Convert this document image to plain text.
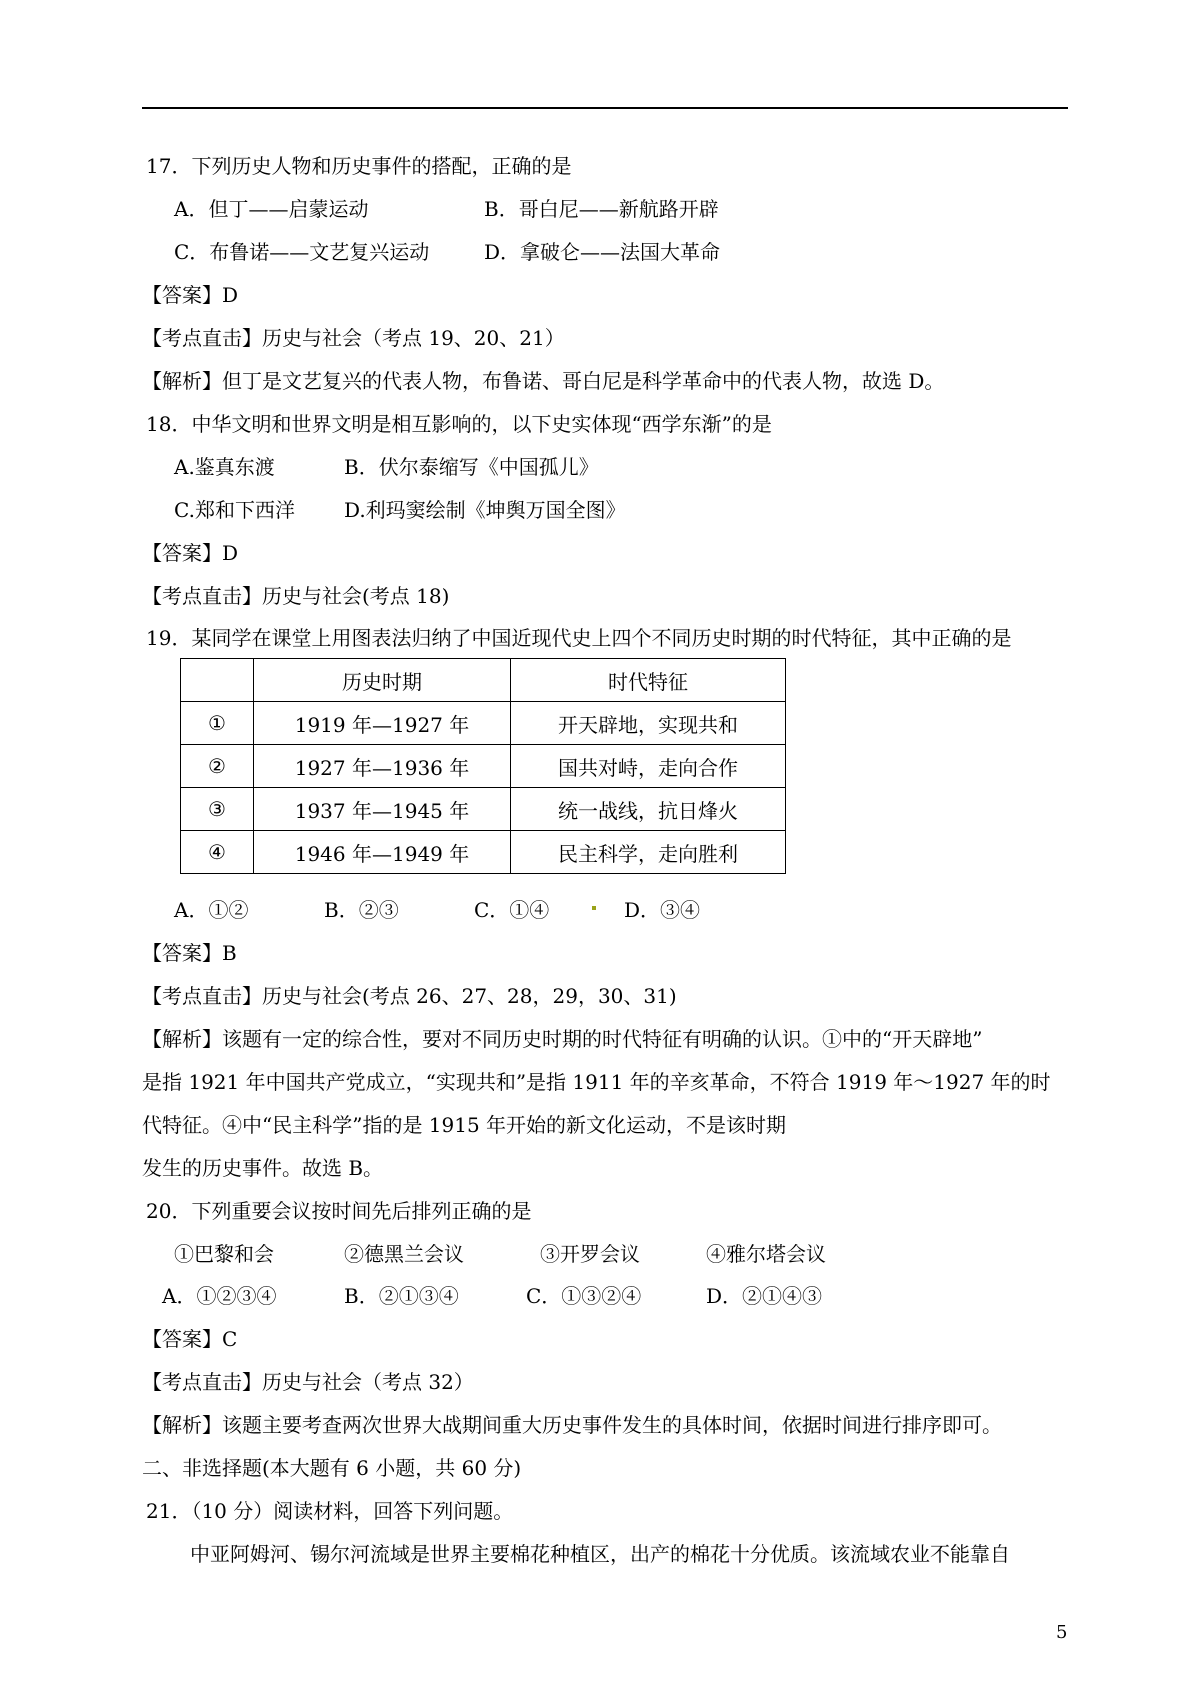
17．下列历史人物和历史事件的搭配，正确的是
A．但丁——启蒙运动	B．哥白尼——新航路开辟
C．布鲁诺——文艺复兴运动	D．拿破仑——法国大革命
【答案】D
【考点直击】历史与社会（考点 19、20、21）
【解析】但丁是文艺复兴的代表人物，布鲁诺、哥白尼是科学革命中的代表人物，故选 D。
18．中华文明和世界文明是相互影响的，以下史实体现“西学东渐”的是
A.鉴真东渡	B．伏尔泰缩写《中国孤儿》
C.郑和下西洋 D.利玛窦绘制《坤舆万国全图》
【答案】D
【考点直击】历史与社会(考点 18)
19．某同学在课堂上用图表法归纳了中国近现代史上四个不同历史时期的时代特征，其中正确的是
	历史时期	时代特征
①	1919 年—1927 年	开天辟地，实现共和
②	1927 年—1936 年	国共对峙，走向合作
③	1937 年—1945 年	统一战线，抗日烽火
④	1946 年—1949 年	民主科学，走向胜利
A．①②	B．②③	C．①④	D．③④
【答案】B
【考点直击】历史与社会(考点 26、27、28，29，30、31)
【解析】该题有一定的综合性，要对不同历史时期的时代特征有明确的认识。①中的“开天辟地”
是指 1921 年中国共产党成立，“实现共和”是指 1911 年的辛亥革命，不符合 1919 年～1927 年的时
代特征。④中“民主科学”指的是 1915 年开始的新文化运动，不是该时期
发生的历史事件。故选 B。
20．下列重要会议按时间先后排列正确的是
①巴黎和会	②德黑兰会议	③开罗会议	④雅尔塔会议
A．①②③④	B．②①③④	C．①③②④	D．②①④③
【答案】C
【考点直击】历史与社会（考点 32）
【解析】该题主要考查两次世界大战期间重大历史事件发生的具体时间，依据时间进行排序即可。
二、非选择题(本大题有 6 小题，共 60 分)
21．（10 分）阅读材料，回答下列问题。
中亚阿姆河、锡尔河流域是世界主要棉花种植区，出产的棉花十分优质。该流域农业不能靠自
5
